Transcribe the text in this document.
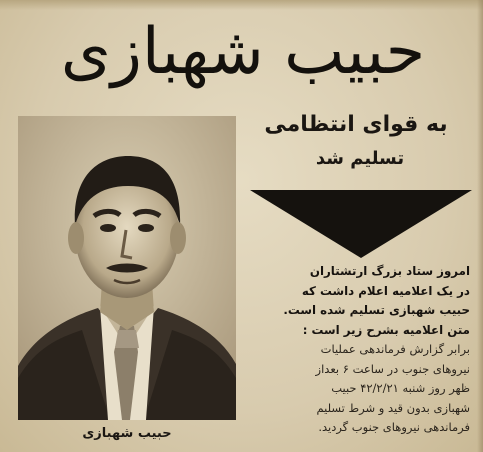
حبیب شهبازی
به قوای انتظامی
تسلیم شد
حبیب شهبازی

امروز ستاد بزرگ ارتشتاران
در یک اعلامیه اعلام داشت که
حبیب شهبازی تسلیم شده است.
متن اعلامیه بشرح زیر است :

برابر گزارش فرماندهی عملیات
نیروهای جنوب در ساعت ۶ بعداز
ظهر روز شنبه ۴۲/۲/۲۱ حبیب
شهبازی بدون قید و شرط تسلیم
فرماندهی نیروهای جنوب گردید.
